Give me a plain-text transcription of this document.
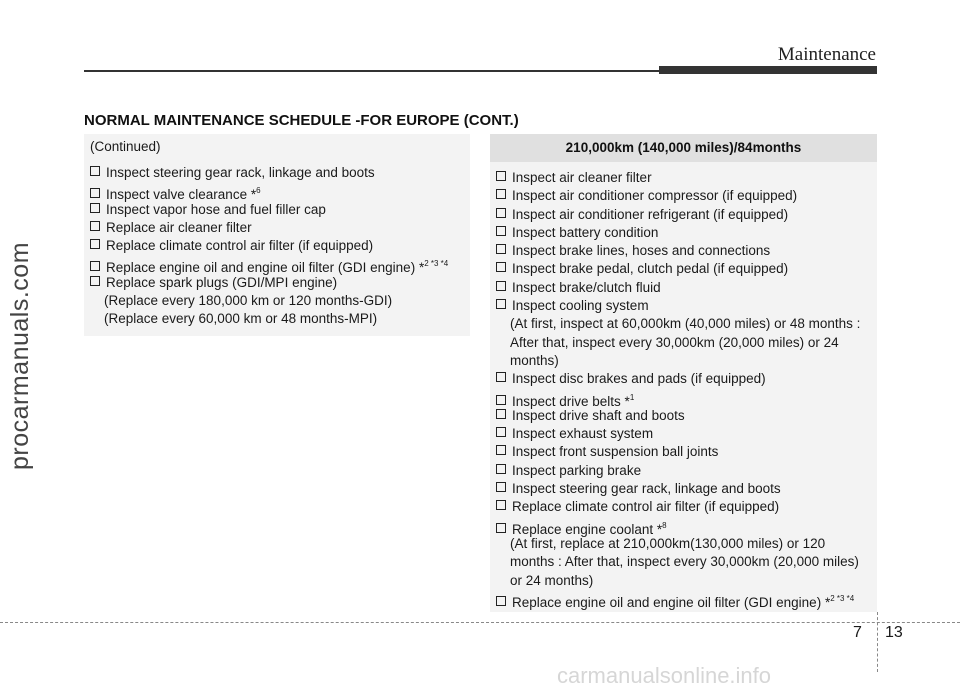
Maintenance
procarmanuals.com
NORMAL MAINTENANCE SCHEDULE -FOR EUROPE (CONT.)
(Continued)
Inspect steering gear rack, linkage and boots
Inspect valve clearance *$^6$
Inspect vapor hose and fuel filler cap
Replace air cleaner filter
Replace climate control air filter (if equipped)
Replace engine oil and engine oil filter (GDI engine) *$^{2 *3 *4}$
Replace spark plugs (GDI/MPI engine)
(Replace every 180,000 km or 120 months-GDI)
(Replace every 60,000 km or 48 months-MPI)
210,000km (140,000 miles)/84months
Inspect air cleaner filter
Inspect air conditioner compressor (if equipped)
Inspect air conditioner refrigerant (if equipped)
Inspect battery condition
Inspect brake lines, hoses and connections
Inspect brake pedal, clutch pedal (if equipped)
Inspect brake/clutch fluid
Inspect cooling system
(At first, inspect at 60,000km (40,000 miles) or 48 months :
After that, inspect every 30,000km (20,000 miles) or 24
months)
Inspect disc brakes and pads (if equipped)
Inspect drive belts *$^1$
Inspect drive shaft and boots
Inspect exhaust system
Inspect front suspension ball joints
Inspect parking brake
Inspect steering gear rack, linkage and boots
Replace climate control air filter (if equipped)
Replace engine coolant *$^8$
(At first, replace at 210,000km(130,000 miles) or 120
months : After that, inspect every 30,000km (20,000 miles)
or 24 months)
Replace engine oil and engine oil filter (GDI engine) *$^{2 *3 *4}$
7 13
carmanualsonline.info
